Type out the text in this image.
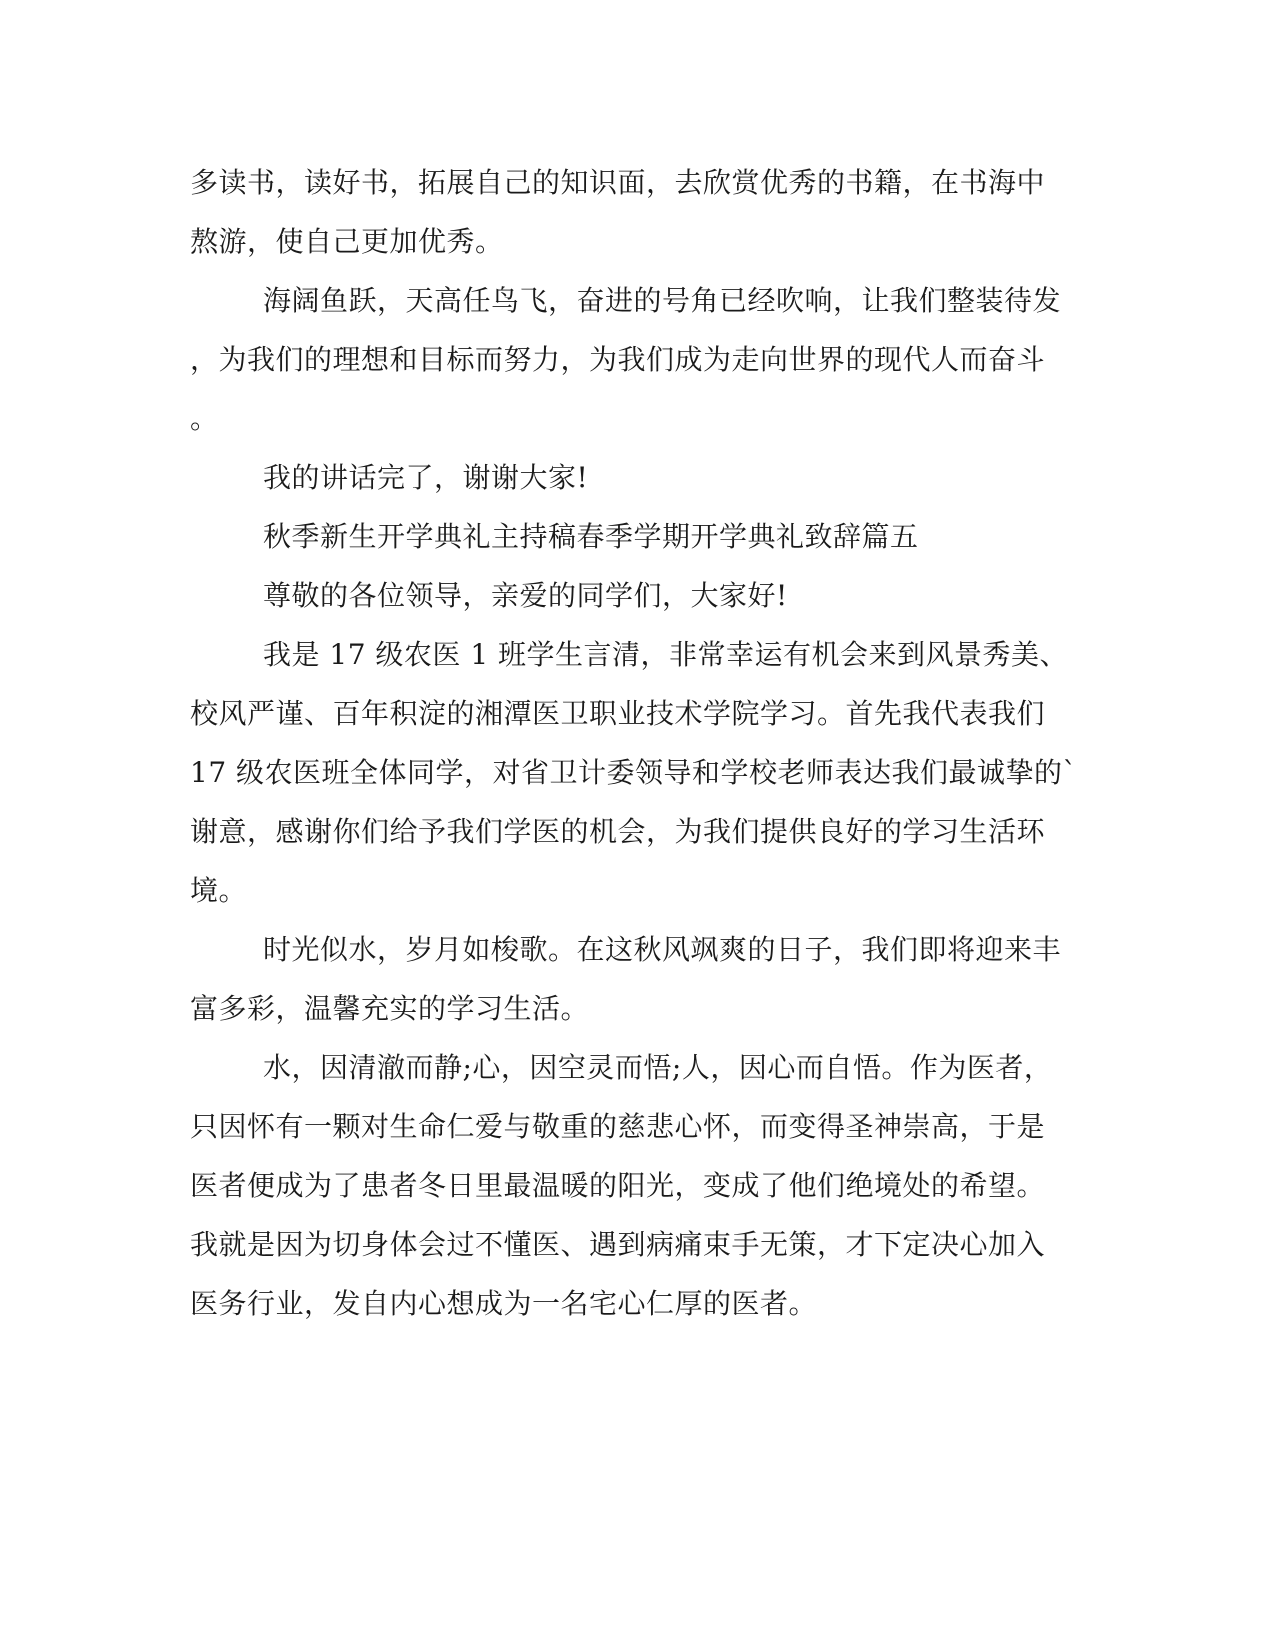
多读书，读好书，拓展自己的知识面，去欣赏优秀的书籍，在书海中
熬游，使自己更加优秀。
海阔鱼跃，天高任鸟飞，奋进的号角已经吹响，让我们整装待发
，为我们的理想和目标而努力，为我们成为走向世界的现代人而奋斗
。
我的讲话完了，谢谢大家!
秋季新生开学典礼主持稿春季学期开学典礼致辞篇五
尊敬的各位领导，亲爱的同学们，大家好!
我是 17 级农医 1 班学生言清，非常幸运有机会来到风景秀美、
校风严谨、百年积淀的湘潭医卫职业技术学院学习。首先我代表我们
17 级农医班全体同学，对省卫计委领导和学校老师表达我们最诚挚的`
谢意，感谢你们给予我们学医的机会，为我们提供良好的学习生活环
境。
时光似水，岁月如梭歌。在这秋风飒爽的日子，我们即将迎来丰
富多彩，温馨充实的学习生活。
水，因清澈而静;心，因空灵而悟;人，因心而自悟。作为医者，
只因怀有一颗对生命仁爱与敬重的慈悲心怀，而变得圣神崇高，于是
医者便成为了患者冬日里最温暖的阳光，变成了他们绝境处的希望。
我就是因为切身体会过不懂医、遇到病痛束手无策，才下定决心加入
医务行业，发自内心想成为一名宅心仁厚的医者。
